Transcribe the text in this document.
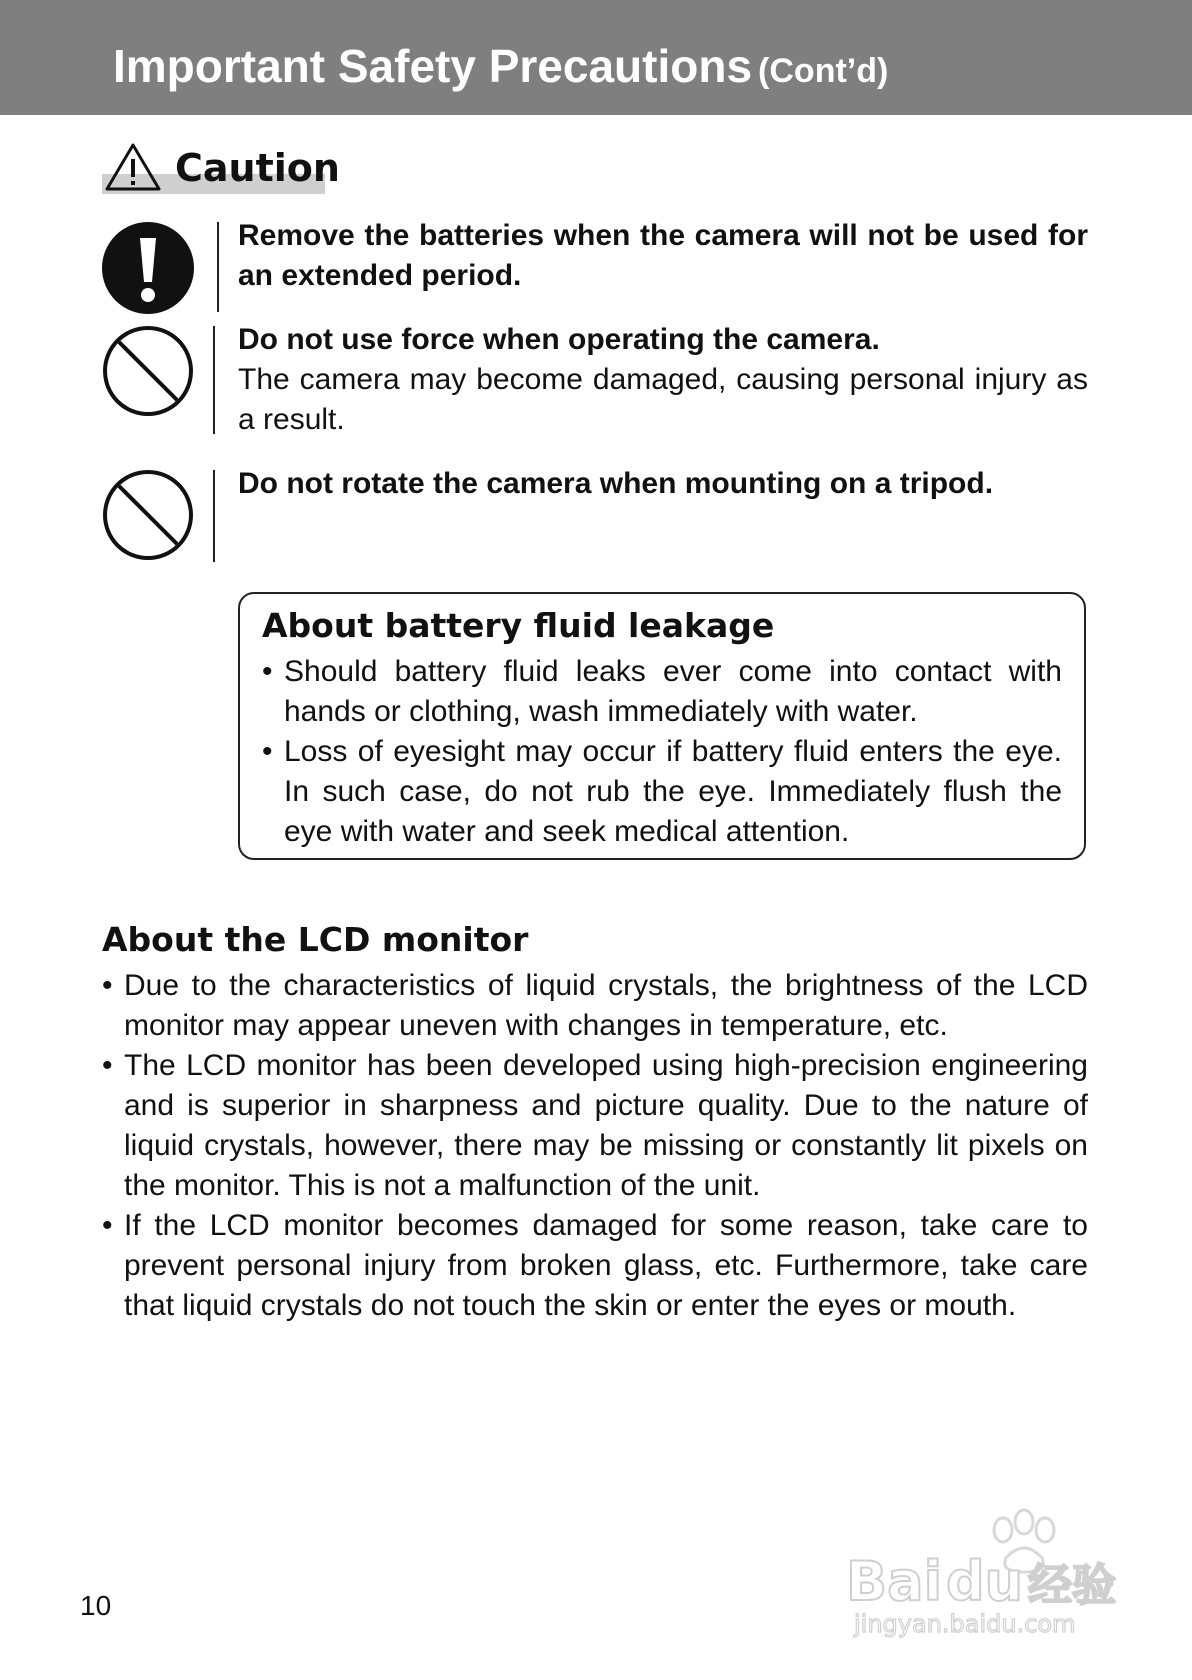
Important Safety Precautions (Cont’d)
Caution
Remove the batteries when the camera will not be used for an extended period.
Do not use force when operating the camera.
The camera may become damaged, causing personal injury as a result.
Do not rotate the camera when mounting on a tripod.
About battery fluid leakage
• Should battery fluid leaks ever come into contact with hands or clothing, wash immediately with water.
• Loss of eyesight may occur if battery fluid enters the eye. In such case, do not rub the eye. Immediately flush the eye with water and seek medical attention.
About the LCD monitor
• Due to the characteristics of liquid crystals, the brightness of the LCD monitor may appear uneven with changes in temperature, etc.
• The LCD monitor has been developed using high-precision engineering and is superior in sharpness and picture quality. Due to the nature of liquid crystals, however, there may be missing or constantly lit pixels on the monitor. This is not a malfunction of the unit.
• If the LCD monitor becomes damaged for some reason, take care to prevent personal injury from broken glass, etc. Furthermore, take care that liquid crystals do not touch the skin or enter the eyes or mouth.
10	Bai du 经验
jingyan.baidu.com
